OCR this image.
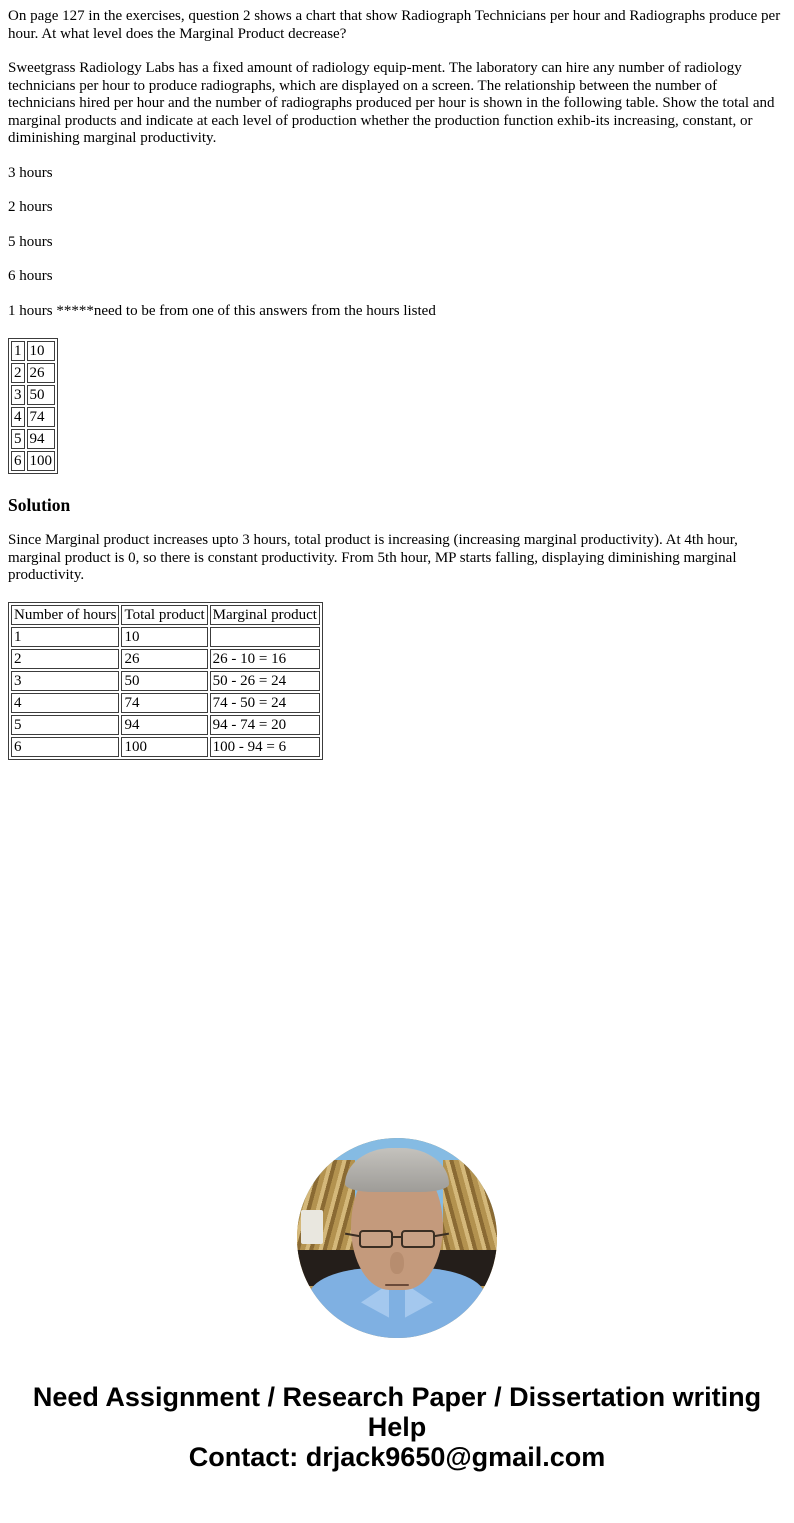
On page 127 in the exercises, question 2 shows a chart that show Radiograph Technicians per hour and Radiographs produce per hour. At what level does the Marginal Product decrease?

Sweetgrass Radiology Labs has a fixed amount of radiology equip-ment. The laboratory can hire any number of radiology technicians per hour to produce radiographs, which are displayed on a screen. The relationship between the number of technicians hired per hour and the number of radiographs produced per hour is shown in the following table. Show the total and marginal products and indicate at each level of production whether the production function exhib-its increasing, constant, or diminishing marginal productivity.

3 hours

2 hours

5 hours

6 hours

1 hours *****need to be from one of this answers from the hours listed

1	10
2	26
3	50
4	74
5	94
6	100
Solution

Since Marginal product increases upto 3 hours, total product is increasing (increasing marginal productivity). At 4th hour, marginal product is 0, so there is constant productivity. From 5th hour, MP starts falling, displaying diminishing marginal productivity.

Number of hours	Total product	Marginal product
1	10	
2	26	26 - 10 = 16
3	50	50 - 26 = 24
4	74	74 - 50 = 24
5	94	94 - 74 = 20
6	100	100 - 94 = 6
Need Assignment / Research Paper / Dissertation writing Help
Contact: drjack9650@gmail.com
